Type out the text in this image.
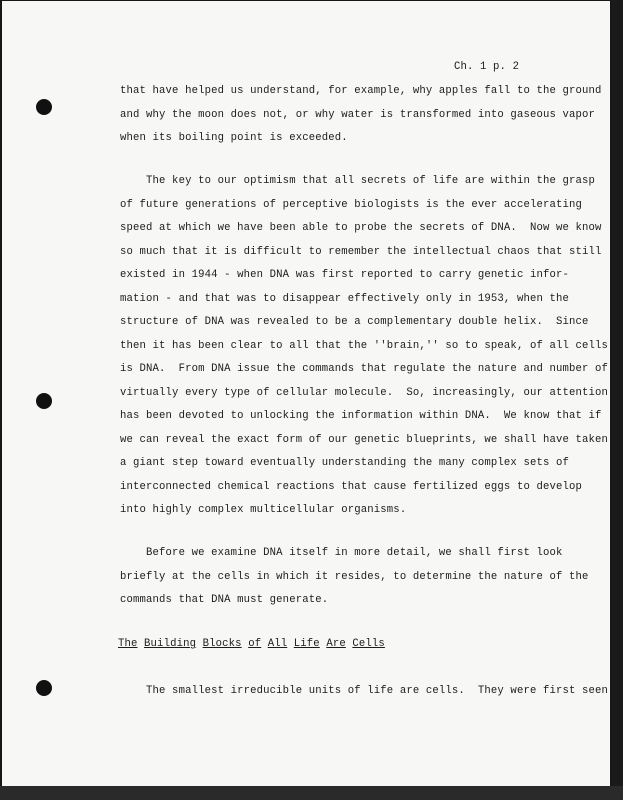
Ch. 1 p. 2
that have helped us understand, for example, why apples fall to the ground
and why the moon does not, or why water is transformed into gaseous vapor
when its boiling point is exceeded.
The key to our optimism that all secrets of life are within the grasp
of future generations of perceptive biologists is the ever accelerating
speed at which we have been able to probe the secrets of DNA.  Now we know
so much that it is difficult to remember the intellectual chaos that still
existed in 1944 - when DNA was first reported to carry genetic infor-
mation - and that was to disappear effectively only in 1953, when the
structure of DNA was revealed to be a complementary double helix.  Since
then it has been clear to all that the ''brain,'' so to speak, of all cells
is DNA.  From DNA issue the commands that regulate the nature and number of
virtually every type of cellular molecule.  So, increasingly, our attention
has been devoted to unlocking the information within DNA.  We know that if
we can reveal the exact form of our genetic blueprints, we shall have taken
a giant step toward eventually understanding the many complex sets of
interconnected chemical reactions that cause fertilized eggs to develop
into highly complex multicellular organisms.
Before we examine DNA itself in more detail, we shall first look
briefly at the cells in which it resides, to determine the nature of the
commands that DNA must generate.
The Building Blocks of All Life Are Cells
The smallest irreducible units of life are cells.  They were first seen
